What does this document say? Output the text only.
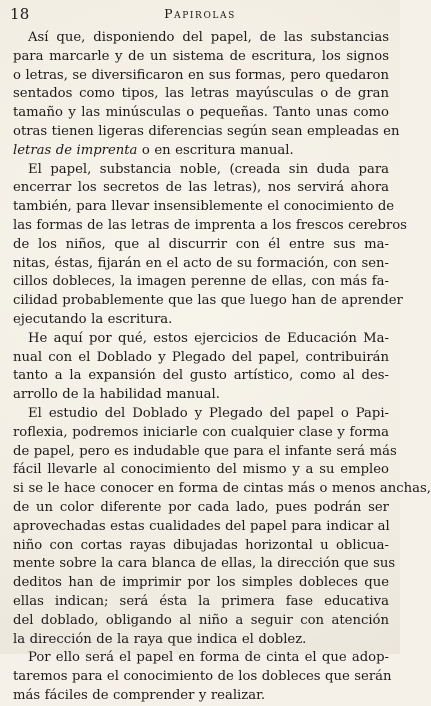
18	Papirolas

Así que, disponiendo del papel, de las substancias
para marcarle y de un sistema de escritura, los signos
o letras, se diversificaron en sus formas, pero quedaron
sentados como tipos, las letras mayúsculas o de gran
tamaño y las minúsculas o pequeñas. Tanto unas como
otras tienen ligeras diferencias según sean empleadas en
letras de imprenta o en escritura manual.

El papel, substancia noble, (creada sin duda para
encerrar los secretos de las letras), nos servirá ahora
también, para llevar insensiblemente el conocimiento de
las formas de las letras de imprenta a los frescos cerebros
de los niños, que al discurrir con él entre sus ma-
nitas, éstas, fijarán en el acto de su formación, con sen-
cillos dobleces, la imagen perenne de ellas, con más fa-
cilidad probablemente que las que luego han de aprender
ejecutando la escritura.

He aquí por qué, estos ejercicios de Educación Ma-
nual con el Doblado y Plegado del papel, contribuirán
tanto a la expansión del gusto artístico, como al des-
arrollo de la habilidad manual.

El estudio del Doblado y Plegado del papel o Papi-
roflexia, podremos iniciarle con cualquier clase y forma
de papel, pero es indudable que para el infante será más
fácil llevarle al conocimiento del mismo y a su empleo
si se le hace conocer en forma de cintas más o menos anchas,
de un color diferente por cada lado, pues podrán ser
aprovechadas estas cualidades del papel para indicar al
niño con cortas rayas dibujadas horizontal u oblicua-
mente sobre la cara blanca de ellas, la dirección que sus
deditos han de imprimir por los simples dobleces que
ellas indican; será ésta la primera fase educativa
del doblado, obligando al niño a seguir con atención
la dirección de la raya que indica el doblez.

Por ello será el papel en forma de cinta el que adop-
taremos para el conocimiento de los dobleces que serán
más fáciles de comprender y realizar.
